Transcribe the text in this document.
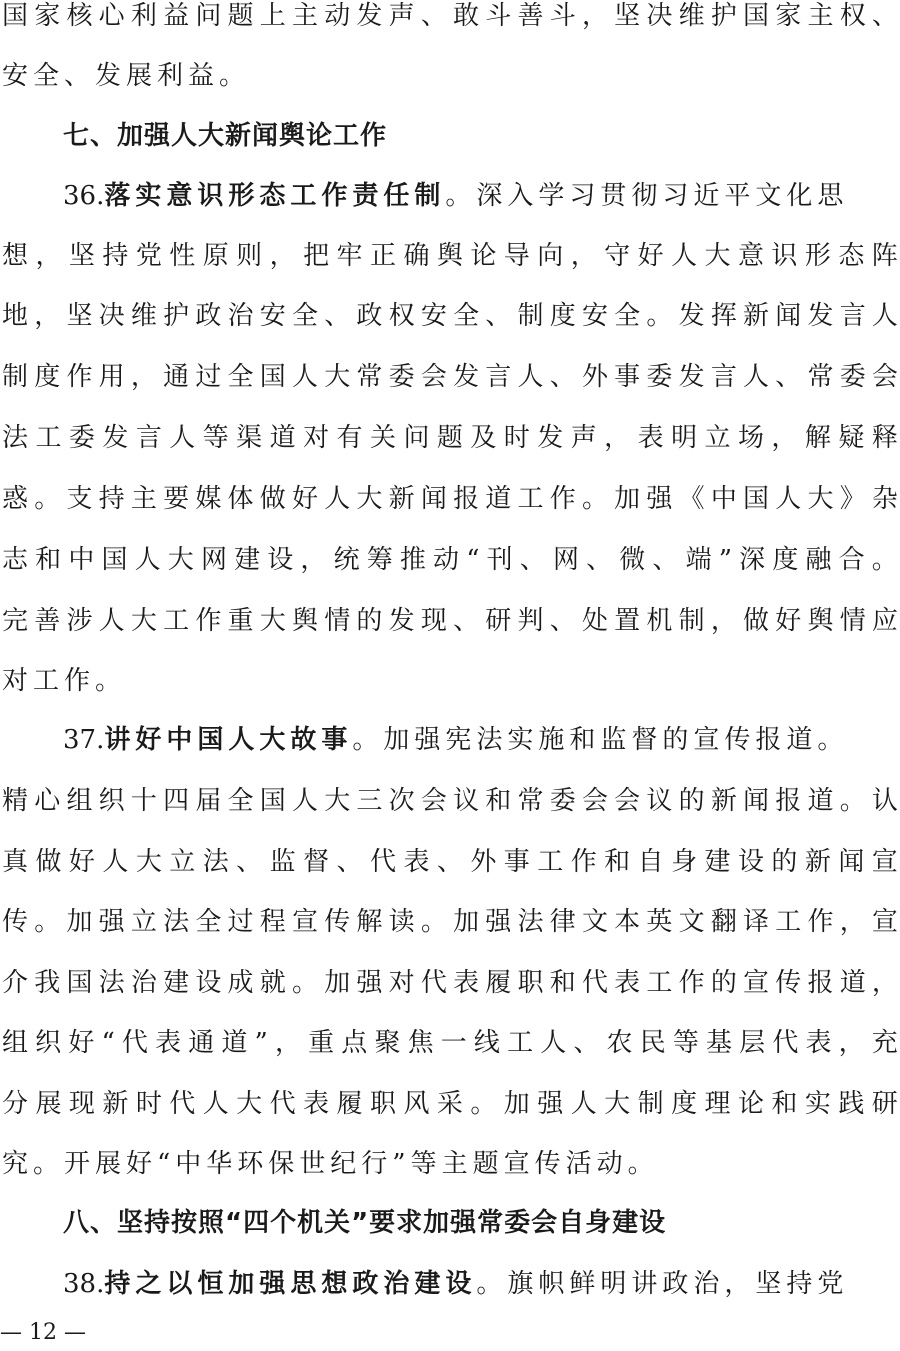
国 家 核 心 利 益 问 题 上 主 动 发 声 、 敢 斗 善 斗 ， 坚 决 维 护 国 家 主 权 、
安全、发展利益。
七、加强人大新闻舆论工作
36.落实意识形态工作责任制。深入学习贯彻习近平文化思
想 ， 坚 持 党 性 原 则 ， 把 牢 正 确 舆 论 导 向 ， 守 好 人 大 意 识 形 态 阵
地 ， 坚 决 维 护 政 治 安 全 、 政 权 安 全 、 制 度 安 全 。 发 挥 新 闻 发 言 人
制 度 作 用 ， 通 过 全 国 人 大 常 委 会 发 言 人 、 外 事 委 发 言 人 、 常 委 会
法 工 委 发 言 人 等 渠 道 对 有 关 问 题 及 时 发 声 ， 表 明 立 场 ， 解 疑 释
惑 。 支 持 主 要 媒 体 做 好 人 大 新 闻 报 道 工 作 。 加 强 《 中 国 人 大 》 杂
志 和 中 国 人 大 网 建 设 ， 统 筹 推 动 “ 刊 、 网 、 微 、 端 ” 深 度 融 合 。
完 善 涉 人 大 工 作 重 大 舆 情 的 发 现 、 研 判 、 处 置 机 制 ， 做 好 舆 情 应
对工作。
37.讲好中国人大故事。加强宪法实施和监督的宣传报道。
精 心 组 织 十 四 届 全 国 人 大 三 次 会 议 和 常 委 会 会 议 的 新 闻 报 道 。 认
真 做 好 人 大 立 法 、 监 督 、 代 表 、 外 事 工 作 和 自 身 建 设 的 新 闻 宣
传 。 加 强 立 法 全 过 程 宣 传 解 读 。 加 强 法 律 文 本 英 文 翻 译 工 作 ， 宣
介 我 国 法 治 建 设 成 就 。 加 强 对 代 表 履 职 和 代 表 工 作 的 宣 传 报 道 ，
组 织 好 “ 代 表 通 道 ” ， 重 点 聚 焦 一 线 工 人 、 农 民 等 基 层 代 表 ， 充
分 展 现 新 时 代 人 大 代 表 履 职 风 采 。 加 强 人 大 制 度 理 论 和 实 践 研
究。开展好“中华环保世纪行”等主题宣传活动。
八、坚持按照“四个机关”要求加强常委会自身建设
38.持之以恒加强思想政治建设。旗帜鲜明讲政治，坚持党
— 12 —
